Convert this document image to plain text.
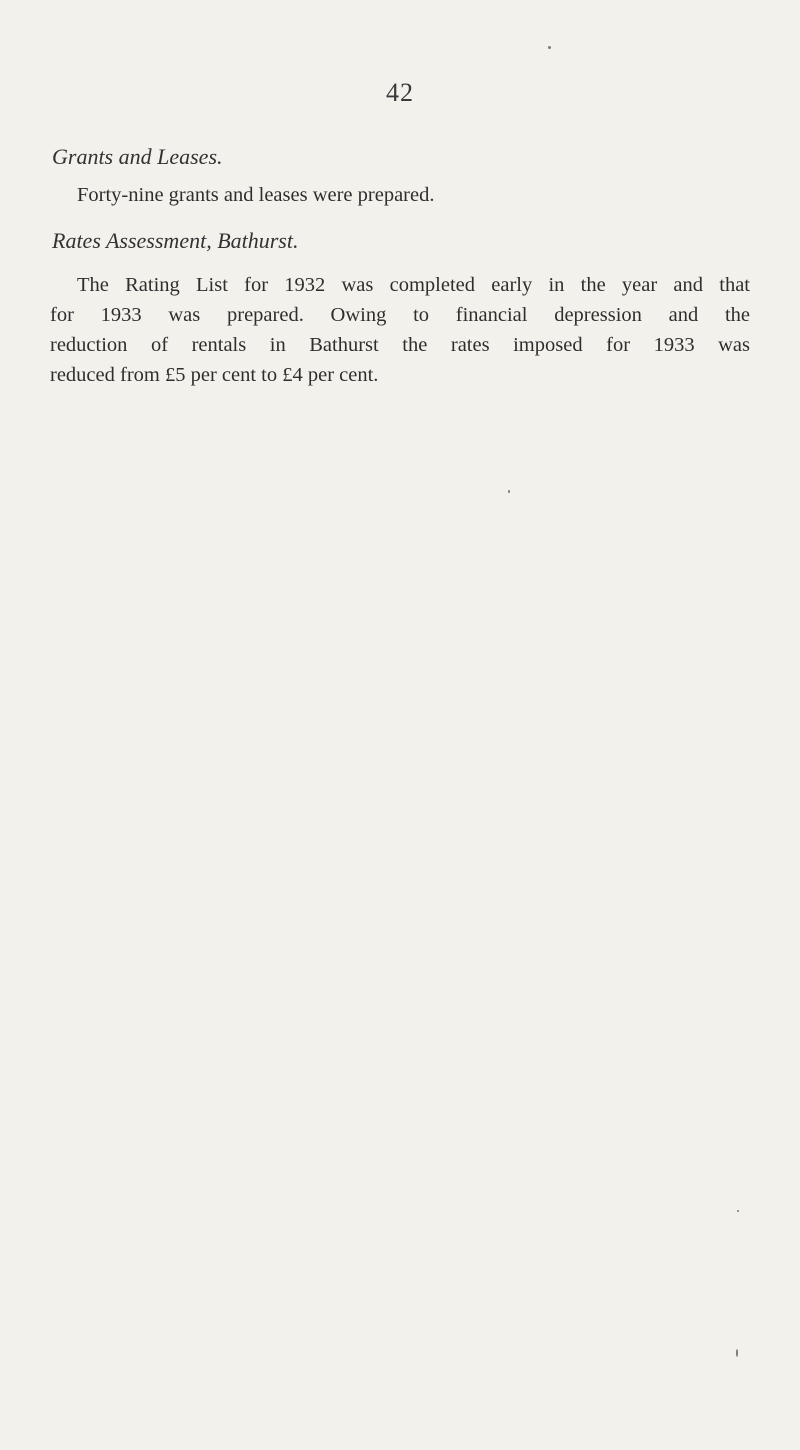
42
Grants and Leases.
Forty-nine grants and leases were prepared.
Rates Assessment, Bathurst.
The Rating List for 1932 was completed early in the year and that
for 1933 was prepared. Owing to financial depression and the
reduction of rentals in Bathurst the rates imposed for 1933 was
reduced from £5 per cent to £4 per cent.
